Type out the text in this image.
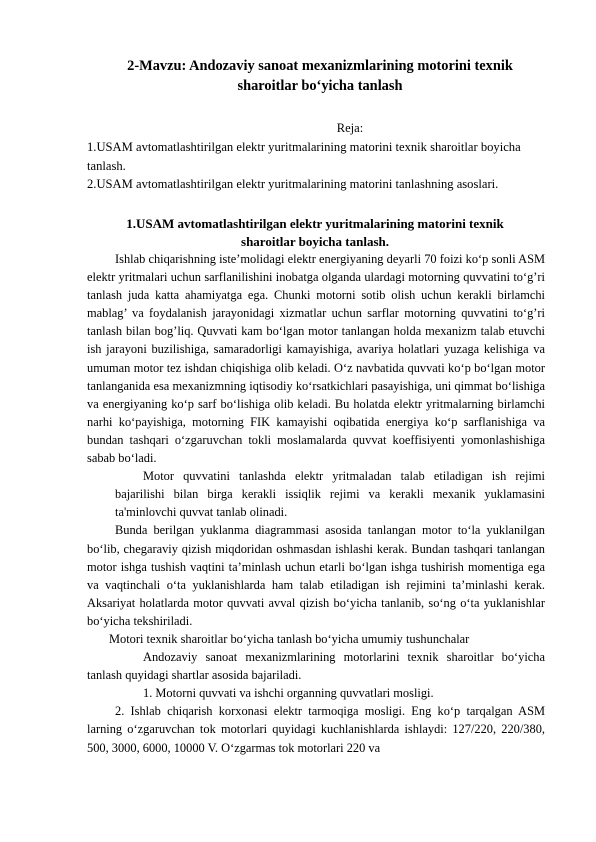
2-Mavzu: Andozaviy sanoat mexanizmlarining motorini texnik
sharoitlar bo‘yicha tanlash
Reja:

1.USAM avtomatlashtirilgan elektr yuritmalarining matorini texnik sharoitlar boyicha tanlash.

2.USAM avtomatlashtirilgan elektr yuritmalarining matorini tanlashning asoslari.

1.USAM avtomatlashtirilgan elektr yuritmalarining matorini texnik
sharoitlar boyicha tanlash.

Ishlab chiqarishning iste’molidagi elektr energiyaning deyarli 70 foizi ko‘p sonli ASM elektr yritmalari uchun sarflanilishini inobatga olganda ulardagi motorning quvvatini to‘g’ri tanlash juda katta ahamiyatga ega. Chunki motorni sotib olish uchun kerakli birlamchi mablag’ va foydalanish jarayonidagi xizmatlar uchun sarflar motorning quvvatini to‘g’ri tanlash bilan bog’liq. Quvvati kam bo‘lgan motor tanlangan holda mexanizm talab etuvchi ish jarayoni buzilishiga, samaradorligi kamayishiga, avariya holatlari yuzaga kelishiga va umuman motor tez ishdan chiqishiga olib keladi. O‘z navbatida quvvati ko‘p bo‘lgan motor tanlanganida esa mexanizmning iqtisodiy ko‘rsatkichlari pasayishiga, uni qimmat bo‘lishiga va energiyaning ko‘p sarf bo‘lishiga olib keladi. Bu holatda elektr yritmalarning birlamchi narhi ko‘payishiga, motorning FIK kamayishi oqibatida energiya ko‘p sarflanishiga va bundan tashqari o‘zgaruvchan tokli moslamalarda quvvat koeffisiyenti yomonlashishiga sabab bo‘ladi.

Motor quvvatini tanlashda elektr yritmaladan talab etiladigan ish rejimi bajarilishi bilan birga kerakli issiqlik rejimi va kerakli mexanik yuklamasini ta'minlovchi quvvat tanlab olinadi.

Bunda berilgan yuklanma diagrammasi asosida tanlangan motor to‘la yuklanilgan bo‘lib, chegaraviy qizish miqdoridan oshmasdan ishlashi kerak. Bundan tashqari tanlangan motor ishga tushish vaqtini ta’minlash uchun etarli bo‘lgan ishga tushirish momentiga ega va vaqtinchali o‘ta yuklanishlarda ham talab etiladigan ish rejimini ta’minlashi kerak. Aksariyat holatlarda motor quvvati avval qizish bo‘yicha tanlanib, so‘ng o‘ta yuklanishlar bo‘yicha tekshiriladi.

Motori texnik sharoitlar bo‘yicha tanlash bo‘yicha umumiy tushunchalar

Andozaviy sanoat mexanizmlarining motorlarini texnik sharoitlar bo‘yicha tanlash quyidagi shartlar asosida bajariladi.

1. Motorni quvvati va ishchi organning quvvatlari mosligi.

2. Ishlab chiqarish korxonasi elektr tarmoqiga mosligi. Eng ko‘p tarqalgan ASM larning o‘zgaruvchan tok motorlari quyidagi kuchlanishlarda ishlaydi: 127/220, 220/380, 500, 3000, 6000, 10000 V. O‘zgarmas tok motorlari 220 va
